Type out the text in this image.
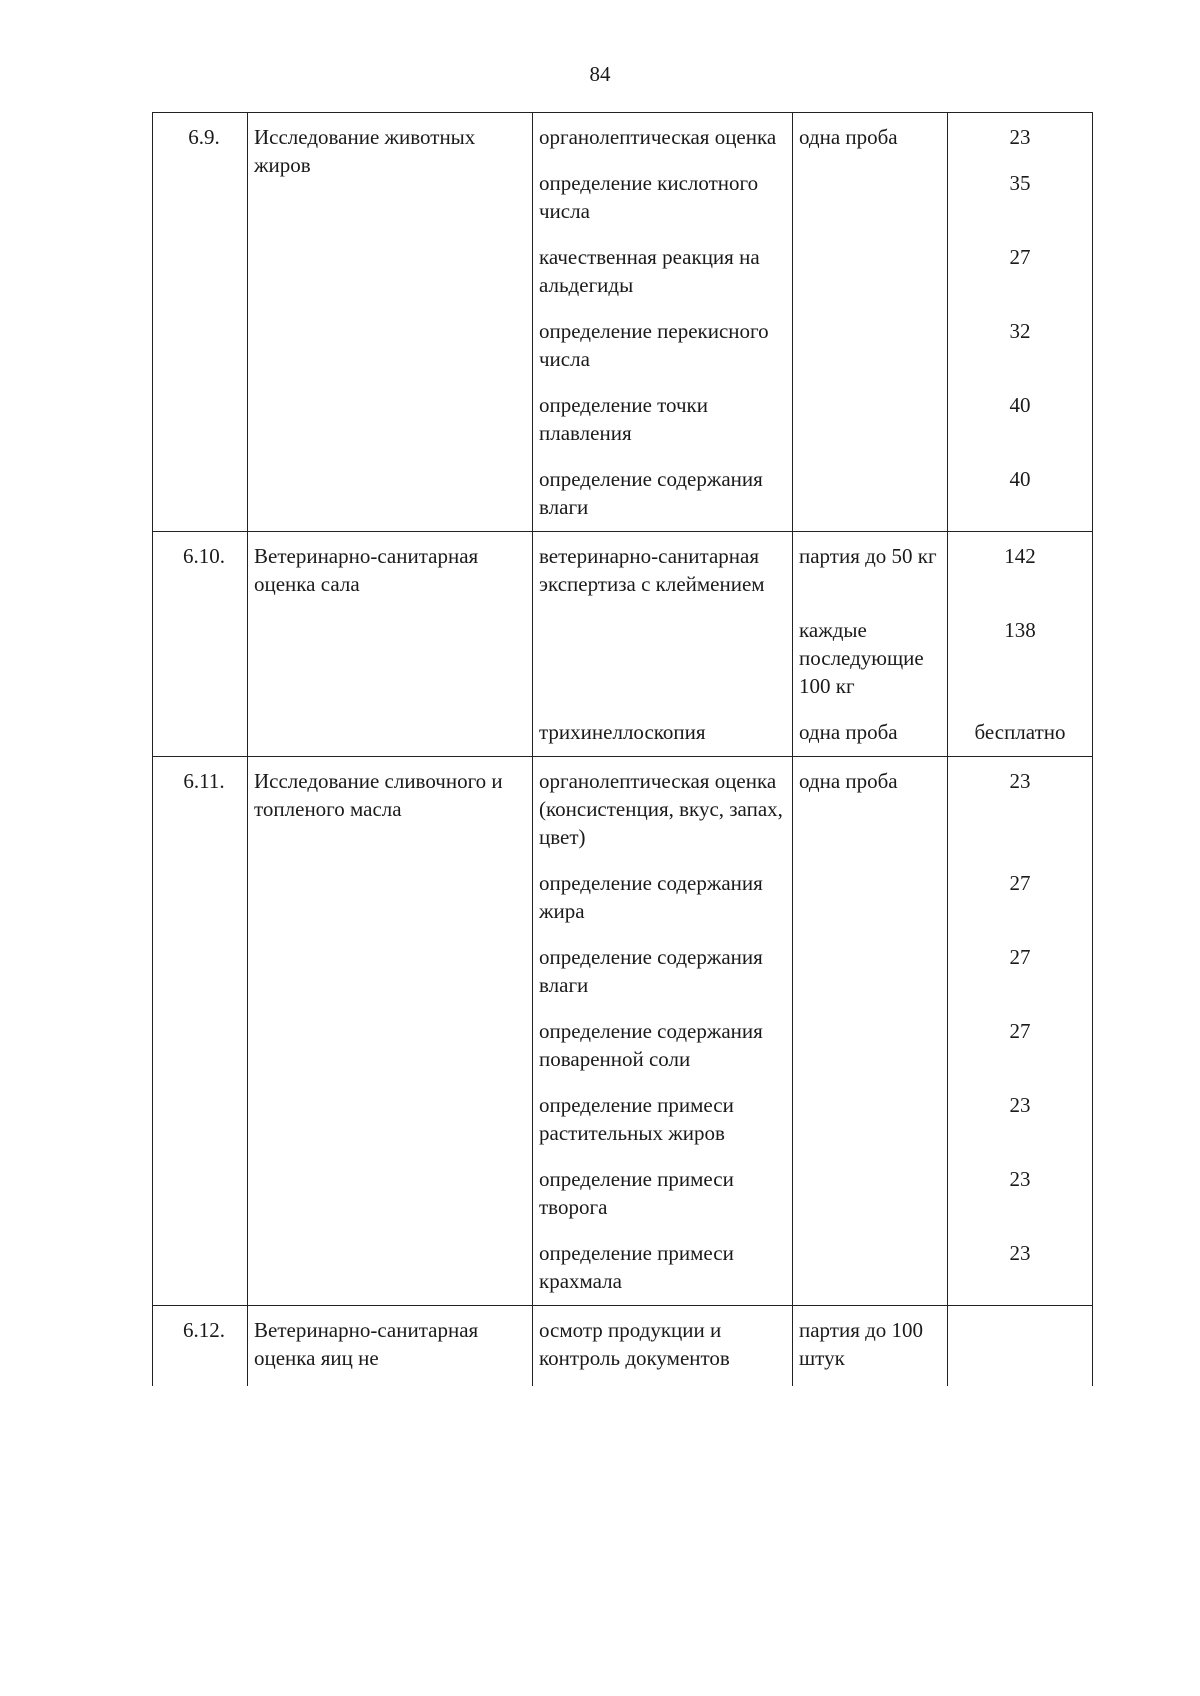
84
6.9.	Исследование животных жиров	органолептическая оценка	одна проба	23
		определение кислотного числа		35
		качественная реакция на альдегиды		27
		определение перекисного числа		32
		определение точки плавления		40
		определение содержания влаги		40
6.10.	Ветеринарно-санитарная оценка сала	ветеринарно-санитарная экспертиза с клеймением	партия до 50 кг	142
			каждые последующие 100 кг	138
		трихинеллоскопия	одна проба	бесплатно
6.11.	Исследование сливочного и топленого масла	органолептическая оценка (консистенция, вкус, запах, цвет)	одна проба	23
		определение содержания жира		27
		определение содержания влаги		27
		определение содержания поваренной соли		27
		определение примеси растительных жиров		23
		определение примеси творога		23
		определение примеси крахмала		23
6.12.	Ветеринарно-санитарная оценка яиц не	осмотр продукции и контроль документов	партия до 100 штук	
